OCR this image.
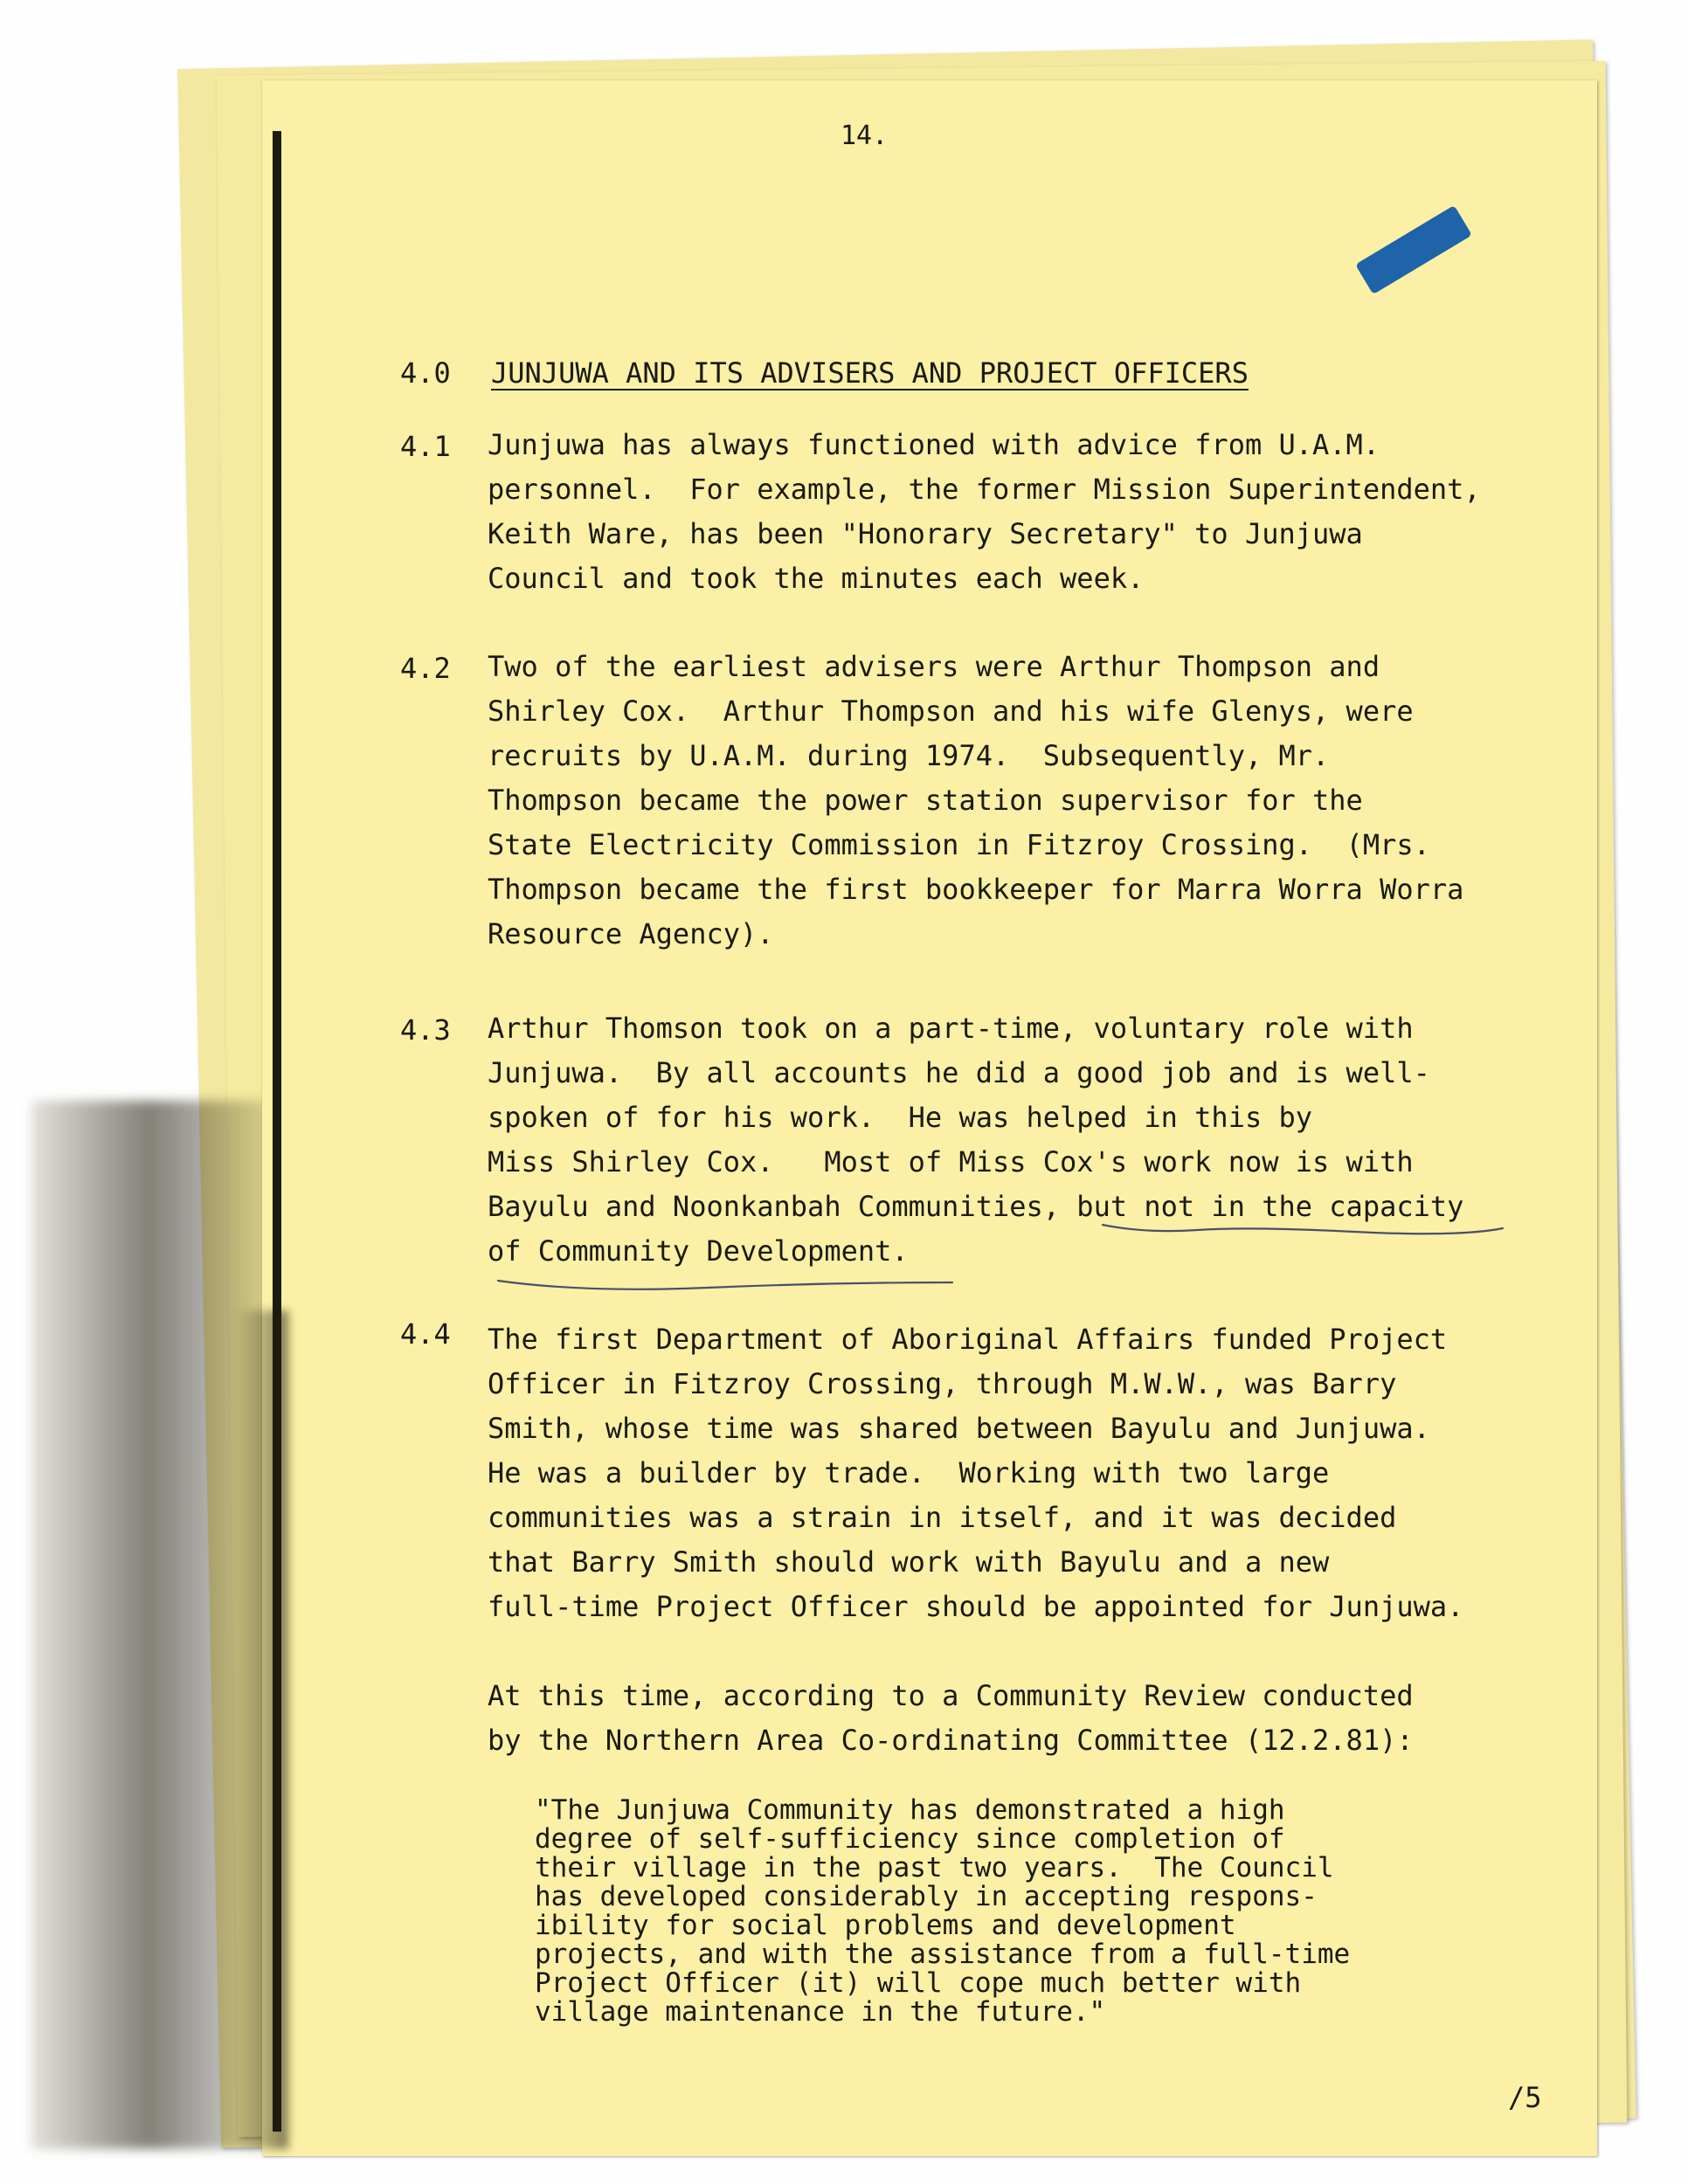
14.
4.0 JUNJUWA AND ITS ADVISERS AND PROJECT OFFICERS
4.1 Junjuwa has always functioned with advice from U.A.M.
personnel.  For example, the former Mission Superintendent,
Keith Ware, has been "Honorary Secretary" to Junjuwa
Council and took the minutes each week.

4.2 Two of the earliest advisers were Arthur Thompson and
Shirley Cox.  Arthur Thompson and his wife Glenys, were
recruits by U.A.M. during 1974.  Subsequently, Mr.
Thompson became the power station supervisor for the
State Electricity Commission in Fitzroy Crossing.  (Mrs.
Thompson became the first bookkeeper for Marra Worra Worra
Resource Agency).

4.3 Arthur Thomson took on a part-time, voluntary role with
Junjuwa.  By all accounts he did a good job and is well-
spoken of for his work.  He was helped in this by
Miss Shirley Cox.   Most of Miss Cox's work now is with
Bayulu and Noonkanbah Communities, but not in the capacity
of Community Development.

4.4 The first Department of Aboriginal Affairs funded Project
Officer in Fitzroy Crossing, through M.W.W., was Barry
Smith, whose time was shared between Bayulu and Junjuwa.
He was a builder by trade.  Working with two large
communities was a strain in itself, and it was decided
that Barry Smith should work with Bayulu and a new
full-time Project Officer should be appointed for Junjuwa.

At this time, according to a Community Review conducted
by the Northern Area Co-ordinating Committee (12.2.81):

"The Junjuwa Community has demonstrated a high
degree of self-sufficiency since completion of
their village in the past two years.  The Council
has developed considerably in accepting respons-
ibility for social problems and development
projects, and with the assistance from a full-time
Project Officer (it) will cope much better with
village maintenance in the future."

/5
